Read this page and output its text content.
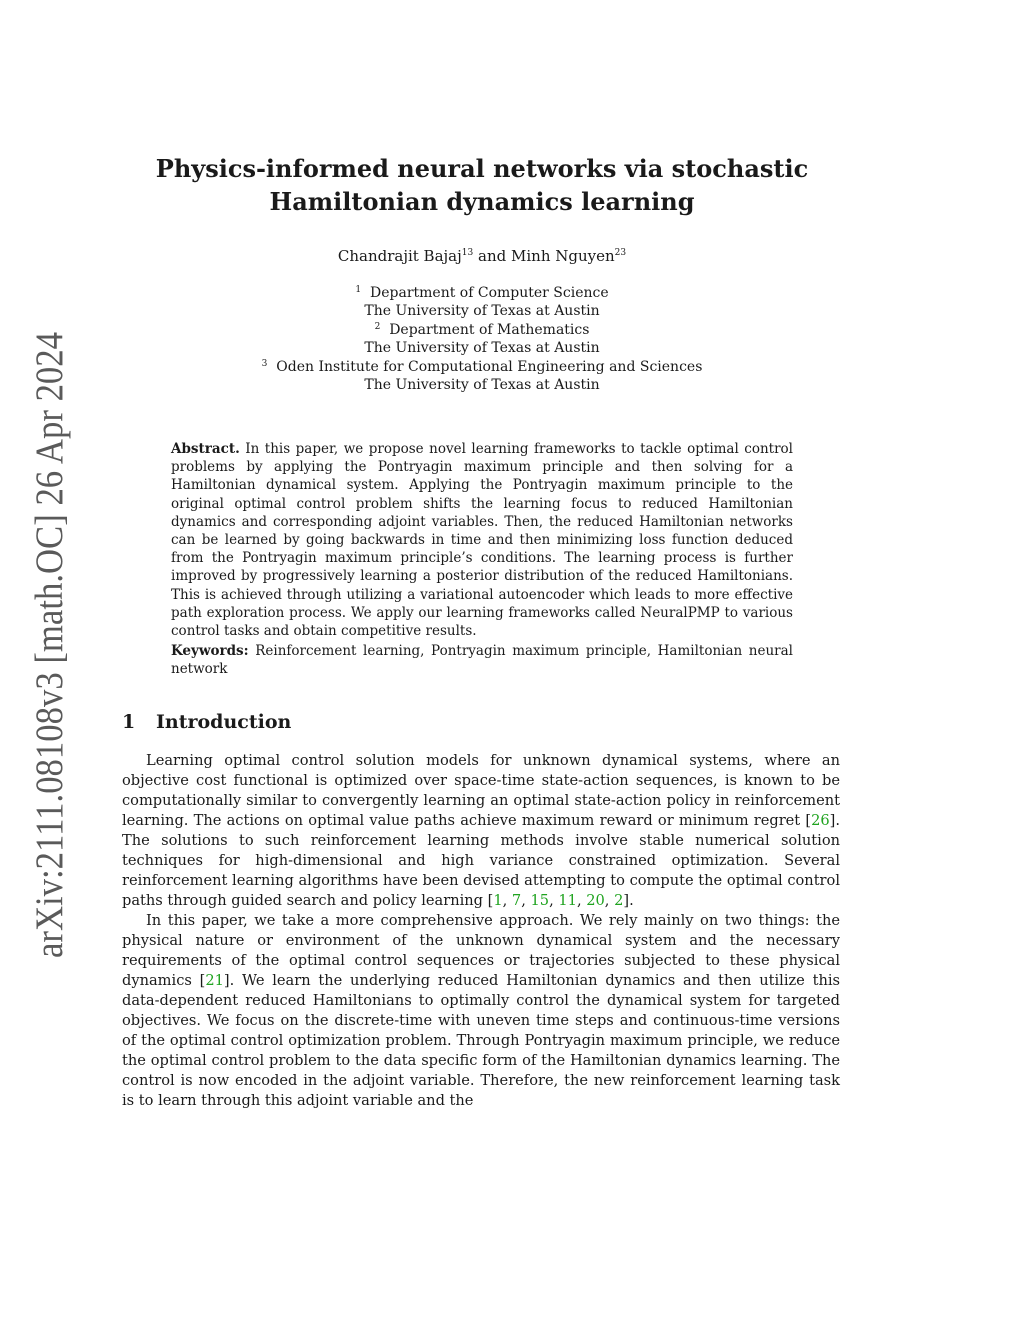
arXiv:2111.08108v3 [math.OC] 26 Apr 2024
Physics-informed neural networks via stochastic
Hamiltonian dynamics learning
Chandrajit Bajaj$^{13}$ and Minh Nguyen$^{23}$
$^1$ Department of Computer Science
The University of Texas at Austin
$^2$ Department of Mathematics
The University of Texas at Austin
$^3$ Oden Institute for Computational Engineering and Sciences
The University of Texas at Austin
Abstract. In this paper, we propose novel learning frameworks to tackle optimal control problems by applying the Pontryagin maximum principle and then solving for a Hamiltonian dynamical system. Applying the Pontryagin maximum principle to the original optimal control problem shifts the learning focus to reduced Hamiltonian dynamics and corresponding adjoint variables. Then, the reduced Hamiltonian networks can be learned by going backwards in time and then minimizing loss function deduced from the Pontryagin maximum principle’s conditions. The learning process is further improved by progressively learning a posterior distribution of the reduced Hamiltonians. This is achieved through utilizing a variational autoencoder which leads to more effective path exploration process. We apply our learning frameworks called NeuralPMP to various control tasks and obtain competitive results.
Keywords: Reinforcement learning, Pontryagin maximum principle, Hamiltonian neural network
1 Introduction

Learning optimal control solution models for unknown dynamical systems, where an objective cost functional is optimized over space-time state-action sequences, is known to be computationally similar to convergently learning an optimal state-action policy in reinforcement learning. The actions on optimal value paths achieve maximum reward or minimum regret [26]. The solutions to such reinforcement learning methods involve stable numerical solution techniques for high-dimensional and high variance constrained optimization. Several reinforcement learning algorithms have been devised attempting to compute the optimal control paths through guided search and policy learning [1, 7, 15, 11, 20, 2].

In this paper, we take a more comprehensive approach. We rely mainly on two things: the physical nature or environment of the unknown dynamical system and the necessary requirements of the optimal control sequences or trajectories subjected to these physical dynamics [21]. We learn the underlying reduced Hamiltonian dynamics and then utilize this data-dependent reduced Hamiltonians to optimally control the dynamical system for targeted objectives. We focus on the discrete-time with uneven time steps and continuous-time versions of the optimal control optimization problem. Through Pontryagin maximum principle, we reduce the optimal control problem to the data specific form of the Hamiltonian dynamics learning. The control is now encoded in the adjoint variable. Therefore, the new reinforcement learning task is to learn through this adjoint variable and the
